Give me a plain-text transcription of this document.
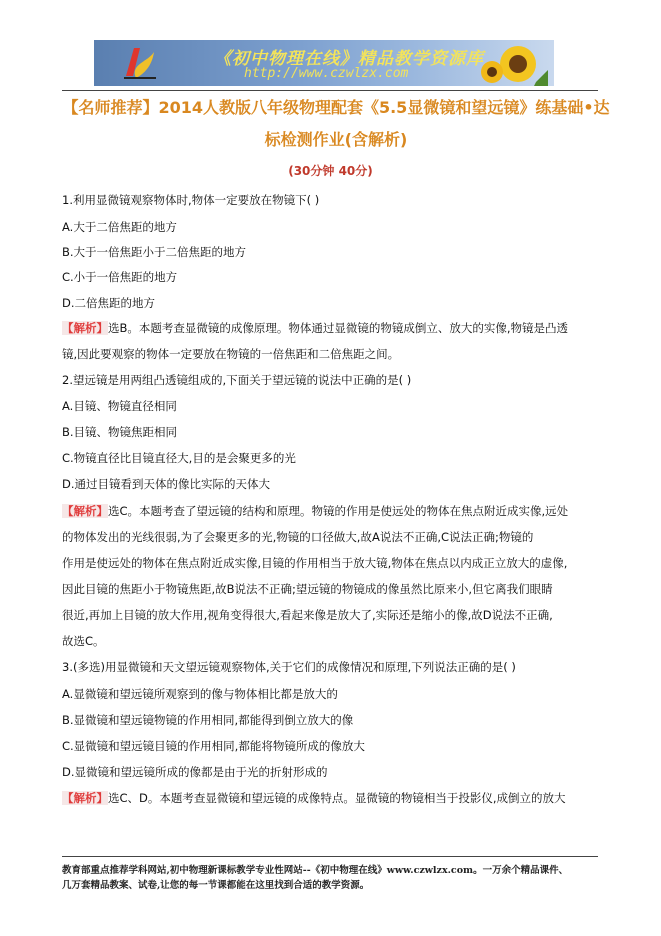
《初中物理在线》精品教学资源库
http://www.czwlzx.com
【名师推荐】2014人教版八年级物理配套《5.5显微镜和望远镜》练基础•达
标检测作业(含解析)
(30分钟 40分)
1.利用显微镜观察物体时,物体一定要放在物镜下( )
A.大于二倍焦距的地方
B.大于一倍焦距小于二倍焦距的地方
C.小于一倍焦距的地方
D.二倍焦距的地方
【解析】选B。本题考查显微镜的成像原理。物体通过显微镜的物镜成倒立、放大的实像,物镜是凸透
镜,因此要观察的物体一定要放在物镜的一倍焦距和二倍焦距之间。
2.望远镜是用两组凸透镜组成的,下面关于望远镜的说法中正确的是( )
A.目镜、物镜直径相同
B.目镜、物镜焦距相同
C.物镜直径比目镜直径大,目的是会聚更多的光
D.通过目镜看到天体的像比实际的天体大
【解析】选C。本题考查了望远镜的结构和原理。物镜的作用是使远处的物体在焦点附近成实像,远处
的物体发出的光线很弱,为了会聚更多的光,物镜的口径做大,故A说法不正确,C说法正确;物镜的
作用是使远处的物体在焦点附近成实像,目镜的作用相当于放大镜,物体在焦点以内成正立放大的虚像,
因此目镜的焦距小于物镜焦距,故B说法不正确;望远镜的物镜成的像虽然比原来小,但它离我们眼睛
很近,再加上目镜的放大作用,视角变得很大,看起来像是放大了,实际还是缩小的像,故D说法不正确,
故选C。
3.(多选)用显微镜和天文望远镜观察物体,关于它们的成像情况和原理,下列说法正确的是( )
A.显微镜和望远镜所观察到的像与物体相比都是放大的
B.显微镜和望远镜物镜的作用相同,都能得到倒立放大的像
C.显微镜和望远镜目镜的作用相同,都能将物镜所成的像放大
D.显微镜和望远镜所成的像都是由于光的折射形成的
【解析】选C、D。本题考查显微镜和望远镜的成像特点。显微镜的物镜相当于投影仪,成倒立的放大
教育部重点推荐学科网站,初中物理新课标教学专业性网站--《初中物理在线》www.czwlzx.com。一万余个精品课件、
几万套精品教案、试卷,让您的每一节课都能在这里找到合适的教学资源。
